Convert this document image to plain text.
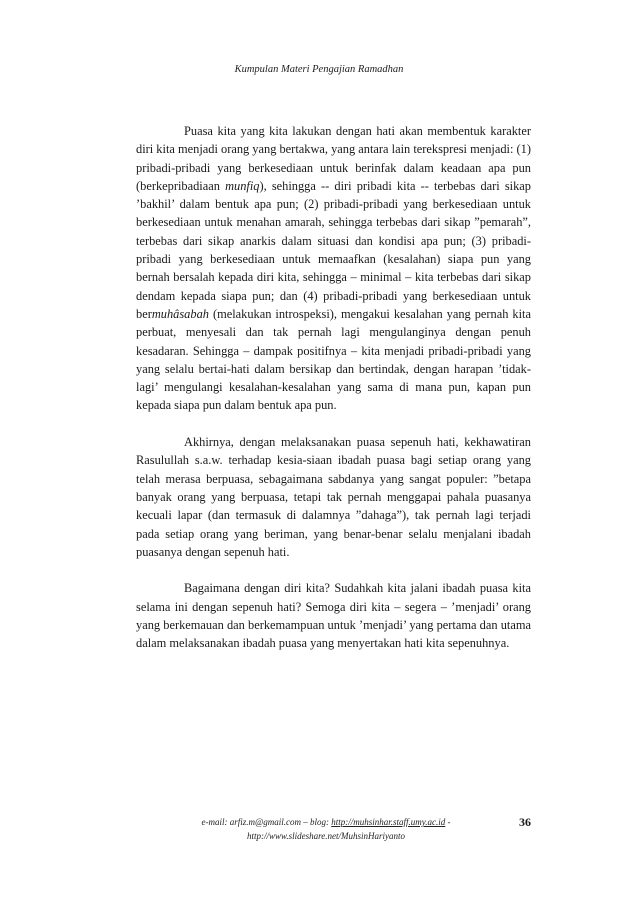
Kumpulan Materi Pengajian Ramadhan

Puasa kita yang kita lakukan dengan hati akan membentuk karakter diri kita menjadi orang yang bertakwa, yang antara lain terekspresi menjadi: (1) pribadi-pribadi yang berkesediaan untuk berinfak dalam keadaan apa pun (berkepribadiaan munfiq), sehingga -- diri pribadi kita -- terbebas dari sikap ’bakhil’ dalam bentuk apa pun; (2) pribadi-pribadi yang berkesediaan untuk berkesediaan untuk menahan amarah, sehingga terbebas dari sikap ”pemarah”, terbebas dari sikap anarkis dalam situasi dan kondisi apa pun; (3) pribadi-pribadi yang berkesediaan untuk memaafkan (kesalahan) siapa pun yang bernah bersalah kepada diri kita, sehingga – minimal – kita terbebas dari sikap dendam kepada siapa pun; dan (4) pribadi-pribadi yang berkesediaan untuk bermuhâsabah (melakukan introspeksi), mengakui kesalahan yang pernah kita perbuat, menyesali dan tak pernah lagi mengulanginya dengan penuh kesadaran. Sehingga – dampak positifnya – kita menjadi pribadi-pribadi yang yang selalu bertai-hati dalam bersikap dan bertindak, dengan harapan ’tidak-lagi’ mengulangi kesalahan-kesalahan yang sama di mana pun, kapan pun kepada siapa pun dalam bentuk apa pun.

Akhirnya, dengan melaksanakan puasa sepenuh hati, kekhawatiran Rasulullah s.a.w. terhadap kesia-siaan ibadah puasa bagi setiap orang yang telah merasa berpuasa, sebagaimana sabdanya yang sangat populer: ”betapa banyak orang yang berpuasa, tetapi tak pernah menggapai pahala puasanya kecuali lapar (dan termasuk di dalamnya ”dahaga”), tak pernah lagi terjadi pada setiap orang yang beriman, yang benar-benar selalu menjalani ibadah puasanya dengan sepenuh hati.

Bagaimana dengan diri kita? Sudahkah kita jalani ibadah puasa kita selama ini dengan sepenuh hati? Semoga diri kita – segera – ’menjadi’ orang yang berkemauan dan berkemampuan untuk ’menjadi’ yang pertama dan utama dalam melaksanakan ibadah puasa yang menyertakan hati kita sepenuhnya.

e-mail: arfiz.m@gmail.com – blog: http://muhsinhar.staff.umy.ac.id -
http://www.slideshare.net/MuhsinHariyanto
36
